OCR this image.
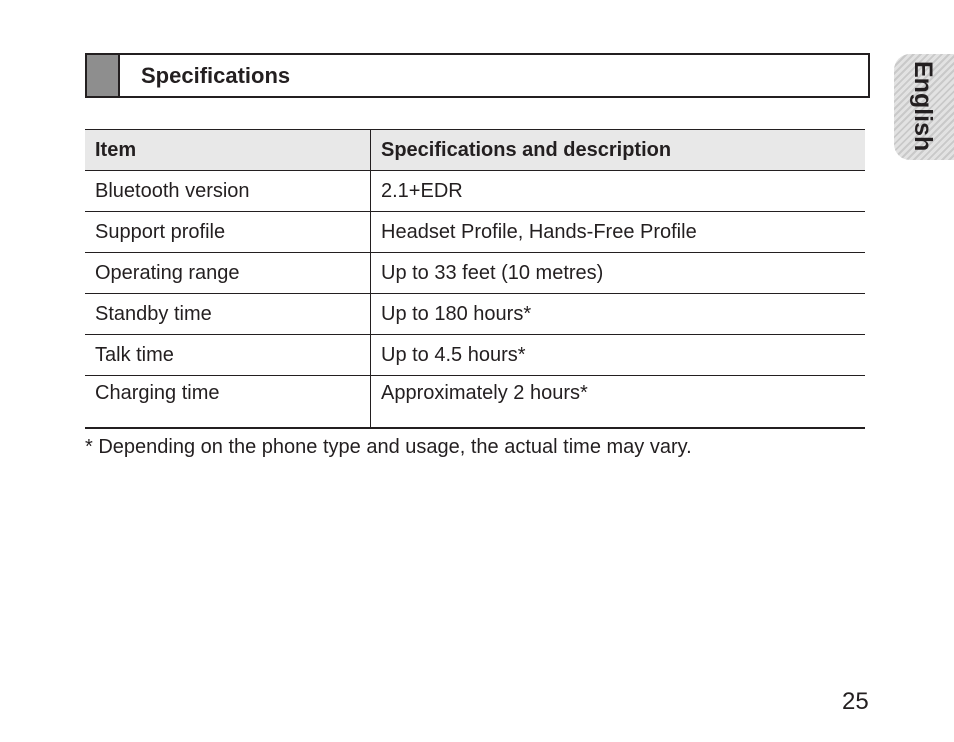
Specifications	English
Item	Specifications and description
Bluetooth version	2.1+EDR
Support profile	Headset Profile, Hands-Free Profile
Operating range	Up to 33 feet (10 metres)
Standby time	Up to 180 hours*
Talk time	Up to 4.5 hours*
Charging time	Approximately 2 hours*
* Depending on the phone type and usage, the actual time may vary.
25
